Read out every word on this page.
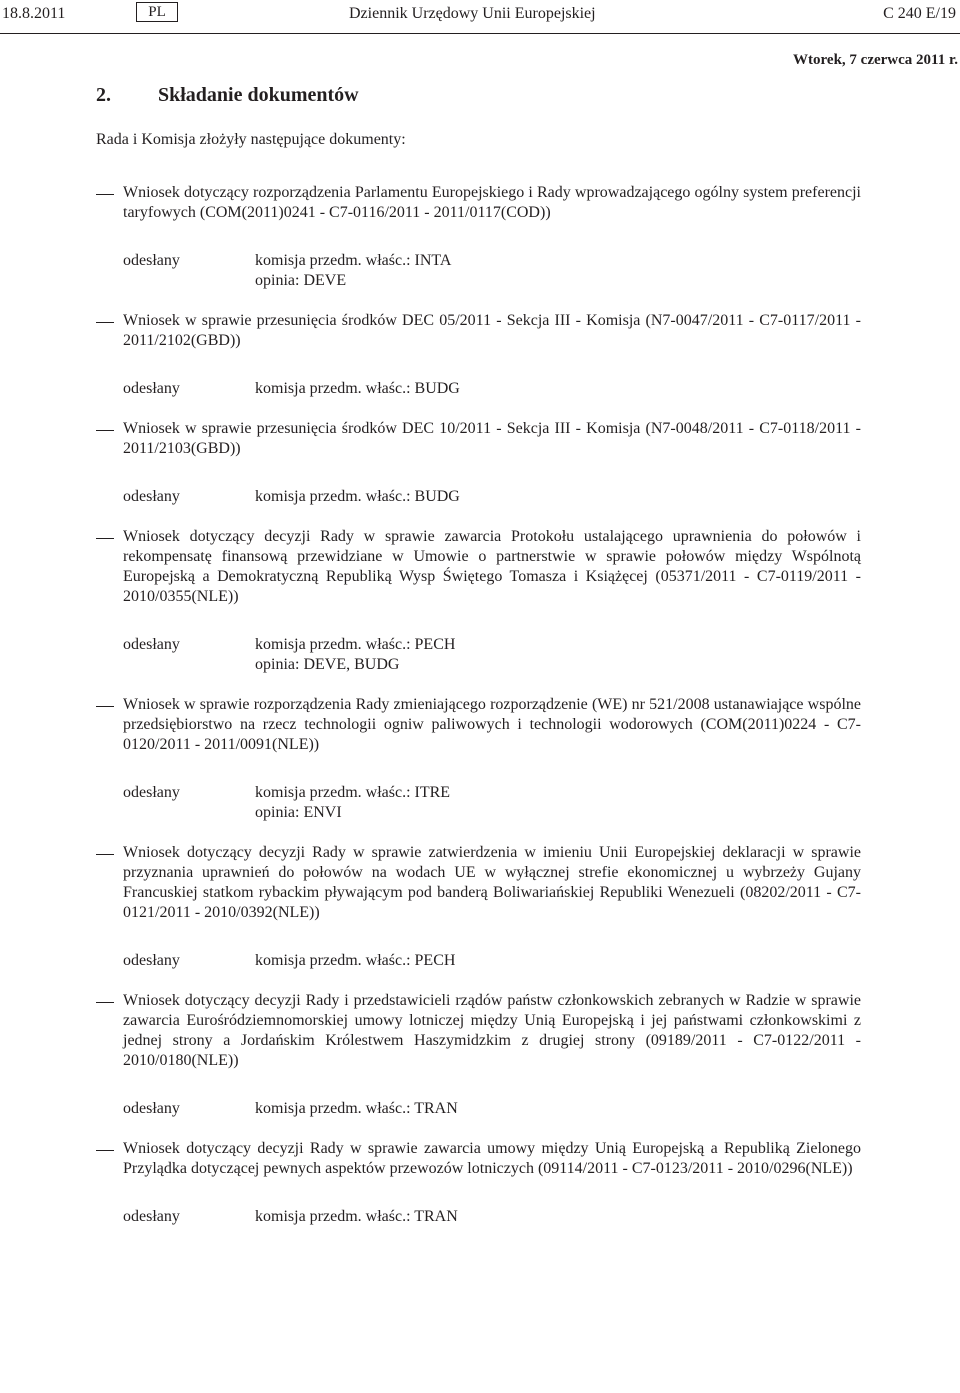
18.8.2011	PL	Dziennik Urzędowy Unii Europejskiej	C 240 E/19
Wtorek, 7 czerwca 2011 r.
2. Składanie dokumentów
Rada i Komisja złożyły następujące dokumenty:
Wniosek dotyczący rozporządzenia Parlamentu Europejskiego i Rady wprowadzającego ogólny system preferencji taryfowych (COM(2011)0241 - C7-0116/2011 - 2011/0117(COD))
odesłany	komisja przedm. właśc.: INTA
opinia: DEVE
Wniosek w sprawie przesunięcia środków DEC 05/2011 - Sekcja III - Komisja (N7-0047/2011 - C7-0117/2011 - 2011/2102(GBD))
odesłany	komisja przedm. właśc.: BUDG
Wniosek w sprawie przesunięcia środków DEC 10/2011 - Sekcja III - Komisja (N7-0048/2011 - C7-0118/2011 - 2011/2103(GBD))
odesłany	komisja przedm. właśc.: BUDG
Wniosek dotyczący decyzji Rady w sprawie zawarcia Protokołu ustalającego uprawnienia do połowów i rekompensatę finansową przewidziane w Umowie o partnerstwie w sprawie połowów między Wspólnotą Europejską a Demokratyczną Republiką Wysp Świętego Tomasza i Książęcej (05371/2011 - C7-0119/2011 - 2010/0355(NLE))
odesłany	komisja przedm. właśc.: PECH
opinia: DEVE, BUDG
Wniosek w sprawie rozporządzenia Rady zmieniającego rozporządzenie (WE) nr 521/2008 ustanawiające wspólne przedsiębiorstwo na rzecz technologii ogniw paliwowych i technologii wodorowych (COM(2011)0224 - C7-0120/2011 - 2011/0091(NLE))
odesłany	komisja przedm. właśc.: ITRE
opinia: ENVI
Wniosek dotyczący decyzji Rady w sprawie zatwierdzenia w imieniu Unii Europejskiej deklaracji w sprawie przyznania uprawnień do połowów na wodach UE w wyłącznej strefie ekonomicznej u wybrzeży Gujany Francuskiej statkom rybackim pływającym pod banderą Boliwariańskiej Republiki Wenezueli (08202/2011 - C7-0121/2011 - 2010/0392(NLE))
odesłany	komisja przedm. właśc.: PECH
Wniosek dotyczący decyzji Rady i przedstawicieli rządów państw członkowskich zebranych w Radzie w sprawie zawarcia Eurośródziemnomorskiej umowy lotniczej między Unią Europejską i jej państwami członkowskimi z jednej strony a Jordańskim Królestwem Haszymidzkim z drugiej strony (09189/2011 - C7-0122/2011 - 2010/0180(NLE))
odesłany	komisja przedm. właśc.: TRAN
Wniosek dotyczący decyzji Rady w sprawie zawarcia umowy między Unią Europejską a Republiką Zielonego Przylądka dotyczącej pewnych aspektów przewozów lotniczych (09114/2011 - C7-0123/2011 - 2010/0296(NLE))
odesłany	komisja przedm. właśc.: TRAN
